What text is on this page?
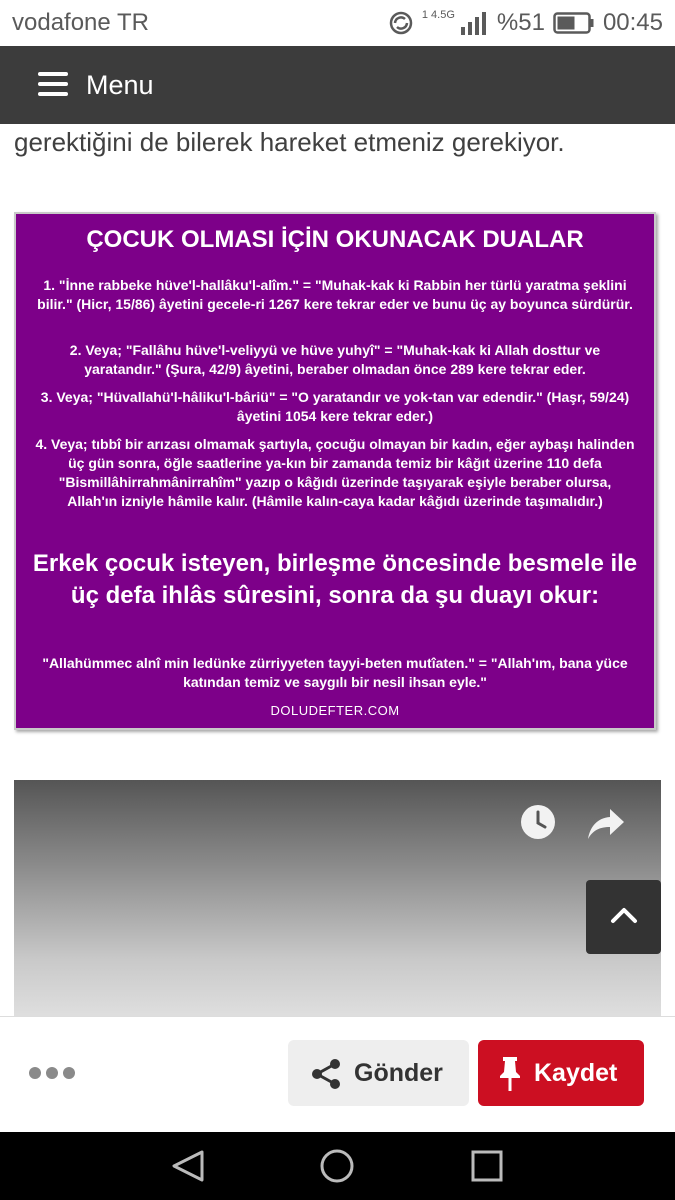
vodafone TR	1 4.5G %51 00:45
Menu
gerektiğini de bilerek hareket etmeniz gerekiyor.
ÇOCUK OLMASI İÇİN OKUNACAK DUALAR

1. "İnne rabbeke hüve'l-hallâku'l-alîm." = "Muhak-kak ki Rabbin her türlü yaratma şeklini bilir." (Hicr, 15/86) âyetini gecele-ri 1267 kere tekrar eder ve bunu üç ay boyunca sürdürür.

2. Veya; "Fallâhu hüve'l-veliyyü ve hüve yuhyî" = "Muhak-kak ki Allah dosttur ve yaratandır." (Şura, 42/9) âyetini, beraber olmadan önce 289 kere tekrar eder.

3. Veya; "Hüvallahü'l-hâliku'l-bâriü" = "O yaratandır ve yok-tan var edendir." (Haşr, 59/24) âyetini 1054 kere tekrar eder.)

4. Veya; tıbbî bir arızası olmamak şartıyla, çocuğu olmayan bir kadın, eğer aybaşı halinden üç gün sonra, öğle saatlerine ya-kın bir zamanda temiz bir kâğıt üzerine 110 defa "Bismillâhirrahmânirrahîm" yazıp o kâğıdı üzerinde taşıyarak eşiyle beraber olursa, Allah'ın izniyle hâmile kalır. (Hâmile kalın-caya kadar kâğıdı üzerinde taşımalıdır.)

Erkek çocuk isteyen, birleşme öncesinde besmele ile üç defa ihlâs sûresini, sonra da şu duayı okur:

"Allahümmec alnî min ledünke zürriyyeten tayyi-beten mutîaten." = "Allah'ım, bana yüce katından temiz ve saygılı bir nesil ihsan eyle."

DOLUDEFTER.COM
Gönder	Kaydet
